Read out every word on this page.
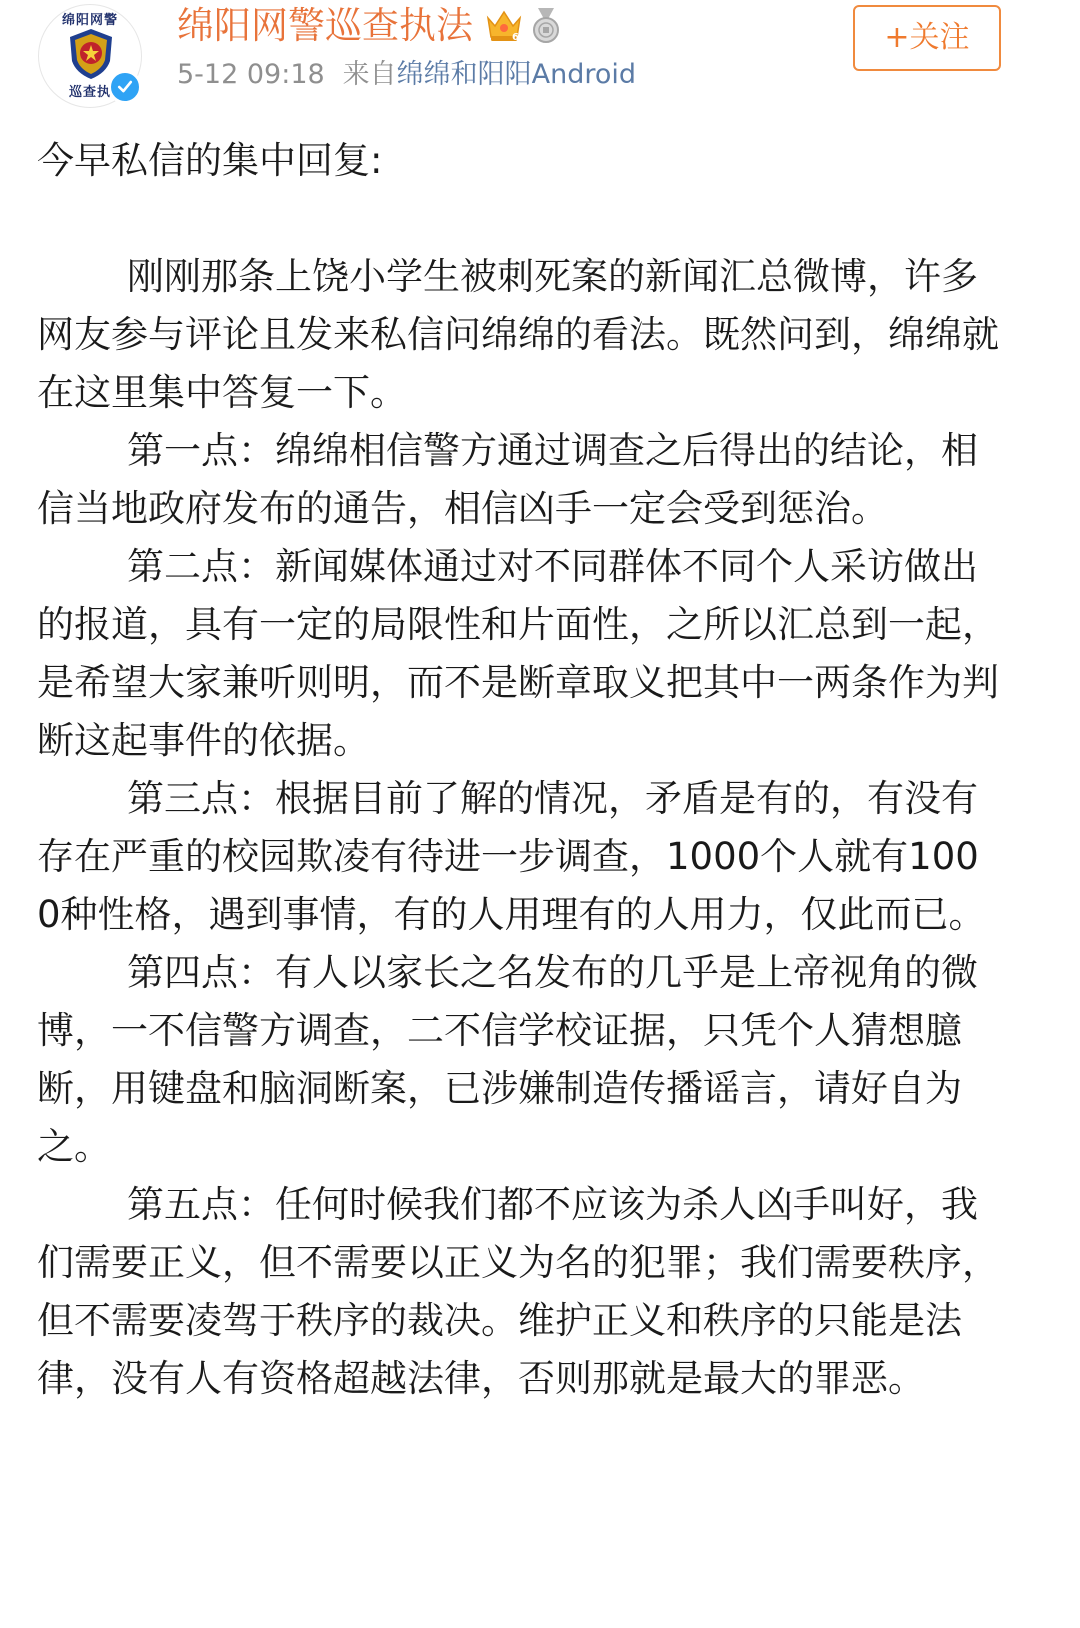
绵阳网警
巡查执
绵阳网警巡查执法	6
5-12 09:18 来自绵绵和阳阳Android
+关注

今早私信的集中回复:

刚刚那条上饶小学生被刺死案的新闻汇总微博，许多网友参与评论且发来私信问绵绵的看法。既然问到，绵绵就在这里集中答复一下。

第一点：绵绵相信警方通过调查之后得出的结论，相信当地政府发布的通告，相信凶手一定会受到惩治。

第二点：新闻媒体通过对不同群体不同个人采访做出的报道，具有一定的局限性和片面性，之所以汇总到一起，是希望大家兼听则明，而不是断章取义把其中一两条作为判断这起事件的依据。

第三点：根据目前了解的情况，矛盾是有的，有没有存在严重的校园欺凌有待进一步调查，1000个人就有1000种性格，遇到事情，有的人用理有的人用力，仅此而已。

第四点：有人以家长之名发布的几乎是上帝视角的微博，一不信警方调查，二不信学校证据，只凭个人猜想臆断，用键盘和脑洞断案，已涉嫌制造传播谣言，请好自为之。

第五点：任何时候我们都不应该为杀人凶手叫好，我们需要正义，但不需要以正义为名的犯罪；我们需要秩序，但不需要凌驾于秩序的裁决。维护正义和秩序的只能是法律，没有人有资格超越法律，否则那就是最大的罪恶。
